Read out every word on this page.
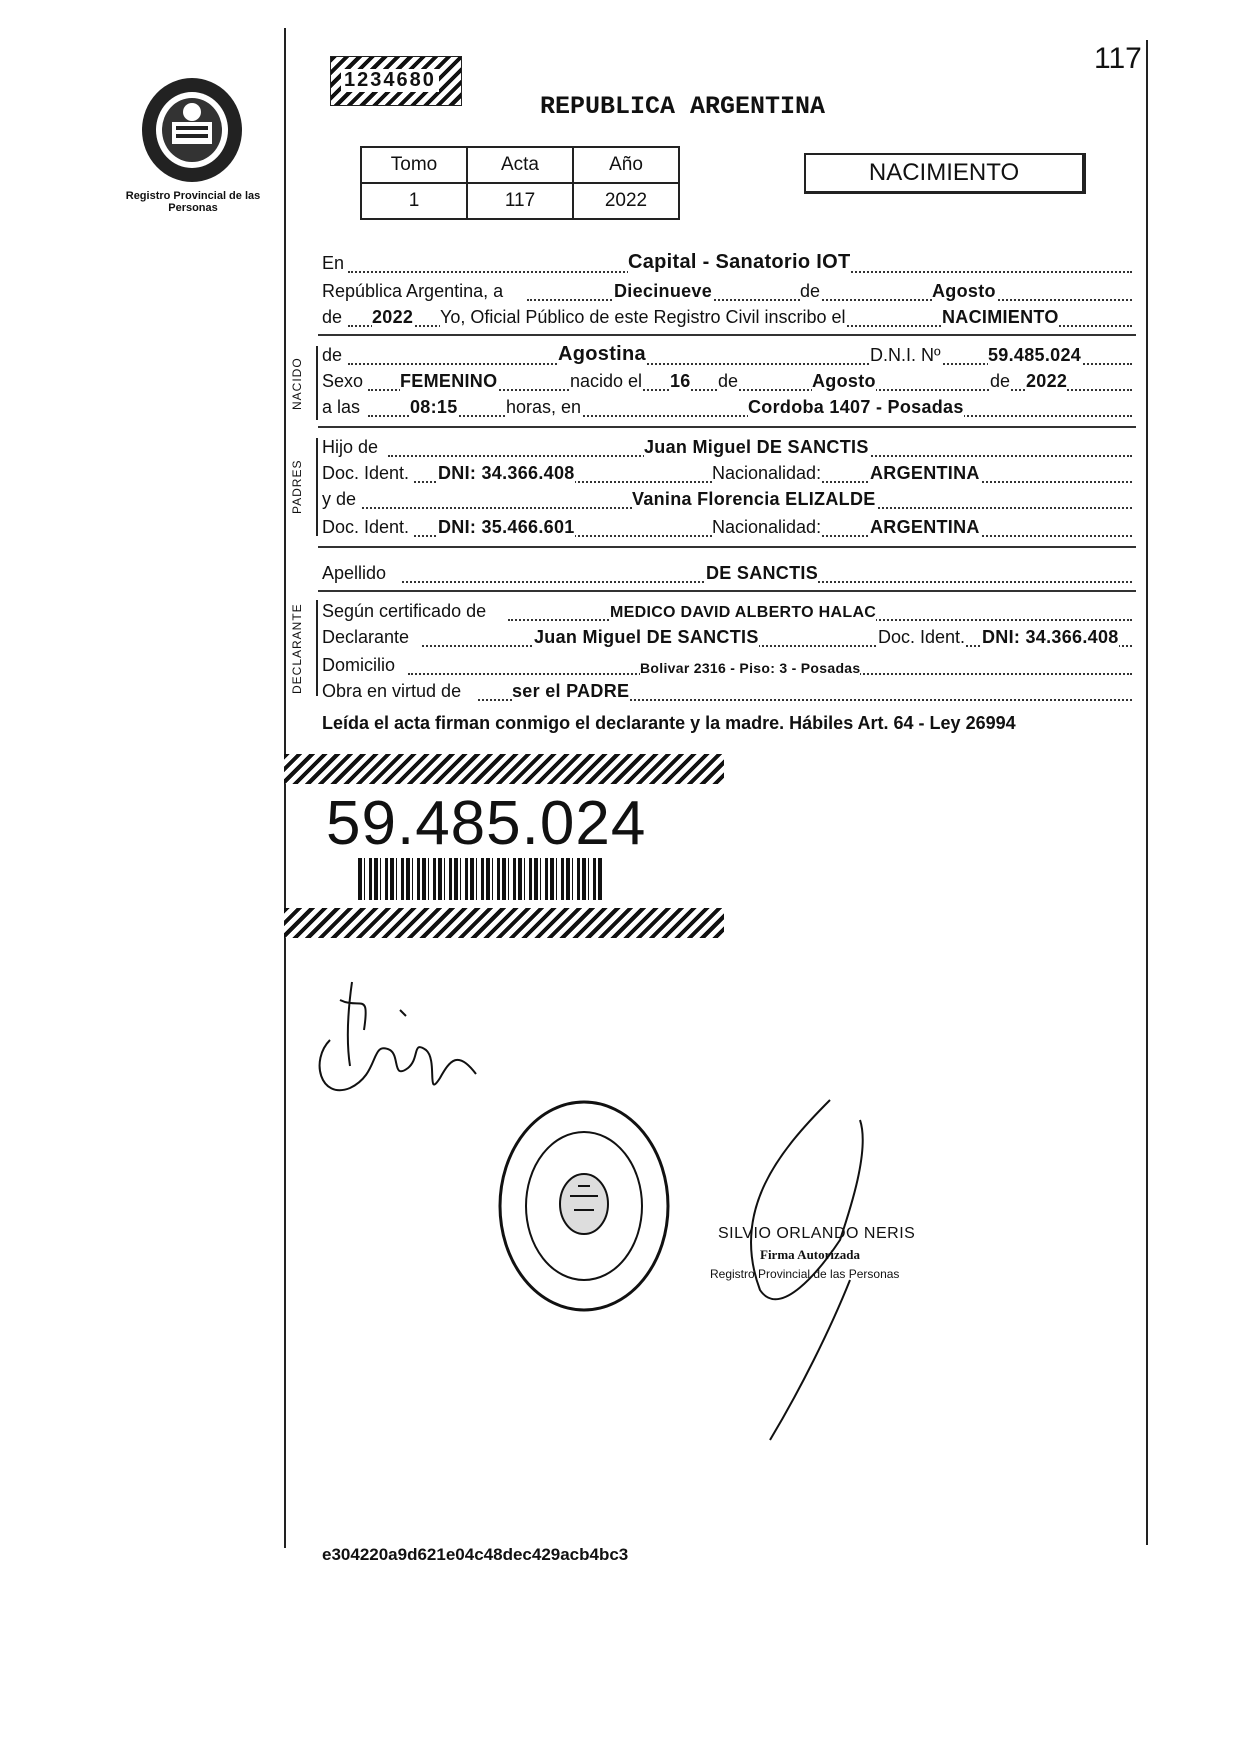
117
Registro Provincial de las Personas
1234680
REPUBLICA ARGENTINA
Tomo	Acta	Año
1	117	2022
NACIMIENTO
En	Capital - Sanatorio IOT
República Argentina, a	Diecinueve	de	Agosto
de 2022 Yo, Oficial Público de este Registro Civil inscribo el	NACIMIENTO
NACIDO
de	Agostina	D.N.I. Nº	59.485.024
Sexo FEMENINO	nacido el 16 de	Agosto	de 2022
a las	08:15	horas, en	Cordoba 1407 - Posadas
PADRES
Hijo de	Juan Miguel DE SANCTIS
Doc. Ident. DNI: 34.366.408	Nacionalidad:	ARGENTINA
y de	Vanina Florencia ELIZALDE
Doc. Ident. DNI: 35.466.601	Nacionalidad:	ARGENTINA
Apellido	DE SANCTIS
DECLARANTE Según certificado de	MEDICO DAVID ALBERTO HALAC
Declarante	Juan Miguel DE SANCTIS	Doc. Ident. DNI: 34.366.408
Domicilio	Bolivar 2316 - Piso: 3 - Posadas
Obra en virtud de	ser el PADRE
Leída el acta firman conmigo el declarante y la madre. Hábiles Art. 64 - Ley 26994
59.485.024
SILVIO ORLANDO NERIS
Firma Autorizada
Registro Provincial de las Personas
e304220a9d621e04c48dec429acb4bc3
